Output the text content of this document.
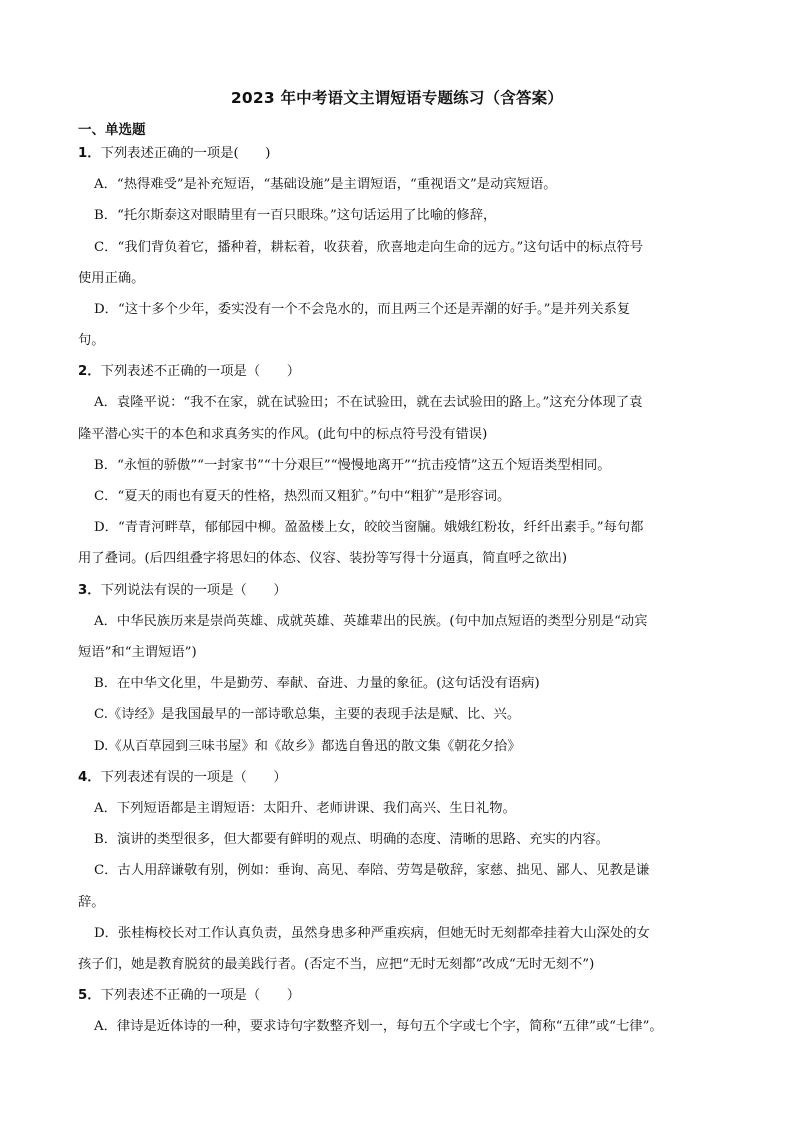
2023 年中考语文主谓短语专题练习（含答案）
一、单选题
1．下列表述正确的一项是(　　)
A．“热得难受”是补充短语，“基础设施”是主谓短语，“重视语文”是动宾短语。
B．“托尔斯泰这对眼睛里有一百只眼珠。”这句话运用了比喻的修辞，
C．“我们背负着它，播种着，耕耘着，收获着，欣喜地走向生命的远方。”这句话中的标点符号
使用正确。
D．“这十多个少年，委实没有一个不会凫水的，而且两三个还是弄潮的好手。”是并列关系复
句。
2．下列表述不正确的一项是（　　）
A．袁隆平说：“我不在家，就在试验田；不在试验田，就在去试验田的路上。”这充分体现了袁
隆平潜心实干的本色和求真务实的作风。(此句中的标点符号没有错误)
B．“永恒的骄傲”“一封家书”“十分艰巨”“慢慢地离开”“抗击疫情”这五个短语类型相同。
C．“夏天的雨也有夏天的性格，热烈而又粗犷。”句中“粗犷”是形容词。
D．“青青河畔草，郁郁园中柳。盈盈楼上女，皎皎当窗牖。娥娥红粉妆，纤纤出素手。”每句都
用了叠词。(后四组叠字将思妇的体态、仪容、装扮等写得十分逼真，简直呼之欲出)
3．下列说法有误的一项是（　　）
A．中华民族历来是崇尚英雄、成就英雄、英雄辈出的民族。(句中加点短语的类型分别是“动宾
短语”和“主谓短语”)
B．在中华文化里，牛是勤劳、奉献、奋进、力量的象征。(这句话没有语病)
C.《诗经》是我国最早的一部诗歌总集，主要的表现手法是赋、比、兴。
D.《从百草园到三味书屋》和《故乡》都选自鲁迅的散文集《朝花夕拾》
4．下列表述有误的一项是（　　）
A．下列短语都是主谓短语：太阳升、老师讲课、我们高兴、生日礼物。
B．演讲的类型很多，但大都要有鲜明的观点、明确的态度、清晰的思路、充实的内容。
C．古人用辞谦敬有别，例如：垂询、高见、奉陪、劳驾是敬辞，家慈、拙见、鄙人、见教是谦
辞。
D．张桂梅校长对工作认真负责，虽然身患多种严重疾病，但她无时无刻都牵挂着大山深处的女
孩子们，她是教育脱贫的最美践行者。(否定不当，应把“无时无刻都”改成“无时无刻不”)
5．下列表述不正确的一项是（　　）
A．律诗是近体诗的一种，要求诗句字数整齐划一，每句五个字或七个字，简称“五律”或“七律”。
